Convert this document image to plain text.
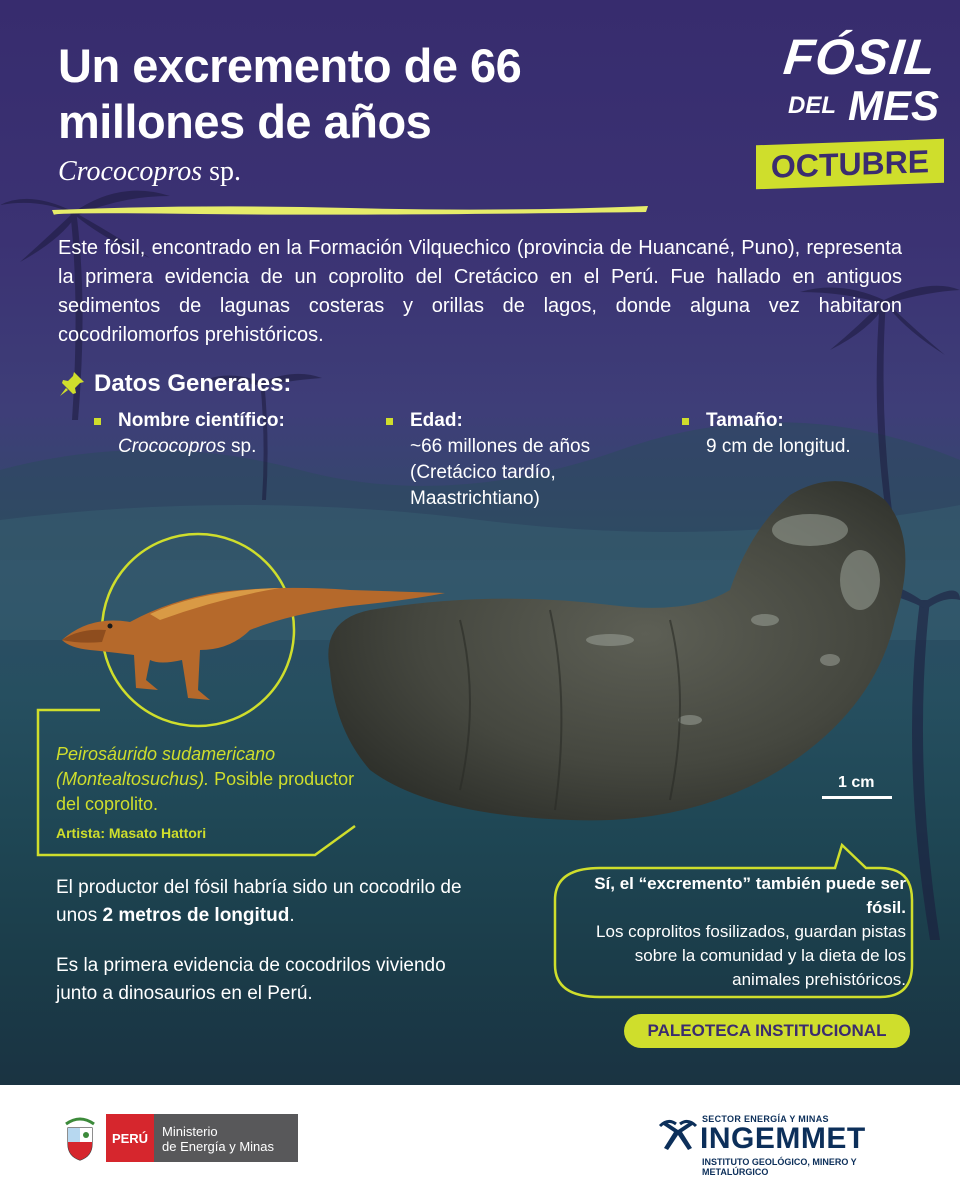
Un excremento de 66 millones de años
Crococopros sp.
FÓSIL
DEL MES
OCTUBRE

Este fósil, encontrado en la Formación Vilquechico (provincia de Huancané, Puno), representa la primera evidencia de un coprolito del Cretácico en el Perú. Fue hallado en antiguos sedimentos de lagunas costeras y orillas de lagos, donde alguna vez habitaron cocodrilomorfos prehistóricos.

Datos Generales:
Nombre científico:
Crococopros sp.
Edad:
~66 millones de años (Cretácico tardío, Maastrichtiano)
Tamaño:
9 cm de longitud.
1 cm
Peirosáurido sudamericano (Montealtosuchus). Posible productor del coprolito.
Artista: Masato Hattori

El productor del fósil habría sido un cocodrilo de unos 2 metros de longitud.

Es la primera evidencia de cocodrilos viviendo junto a dinosaurios en el Perú.

Sí, el “excremento” también puede ser fósil.
Los coprolitos fosilizados, guardan pistas sobre la comunidad y la dieta de los animales prehistóricos.
PALEOTECA INSTITUCIONAL
PERÚ	Ministerio
de Energía y Minas
SECTOR ENERGÍA Y MINAS
INGEMMET
INSTITUTO GEOLÓGICO, MINERO Y METALÚRGICO
